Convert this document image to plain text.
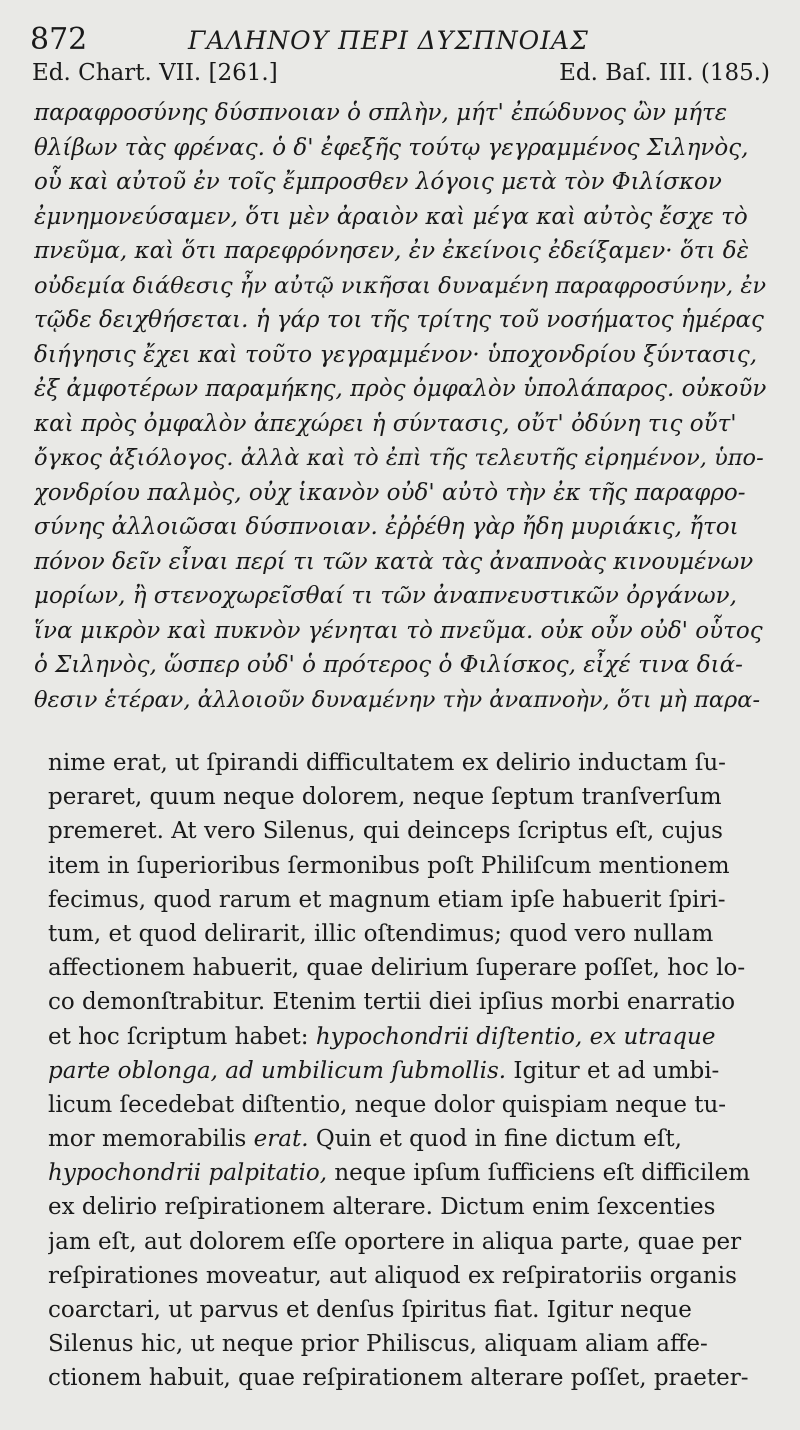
872	ΓΑΛΗΝΟΥ ΠΕΡΙ ΔΥΣΠΝΟΙΑΣ
Ed. Chart. VII. [261.]	Ed. Baſ. III. (185.)
παραφροσύνης δύσπνοιαν ὁ σπλὴν, μήτ' ἐπώδυνος ὢν μήτε
θλίβων τὰς φρένας. ὁ δ' ἐφεξῆς τούτῳ γεγραμμένος Σιληνὸς,
οὗ καὶ αὐτοῦ ἐν τοῖς ἔμπροσθεν λόγοις μετὰ τὸν Φιλίσκον
ἐμνημονεύσαμεν, ὅτι μὲν ἀραιὸν καὶ μέγα καὶ αὐτὸς ἔσχε τὸ
πνεῦμα, καὶ ὅτι παρεφρόνησεν, ἐν ἐκείνοις ἐδείξαμεν· ὅτι δὲ
οὐδεμία διάθεσις ἦν αὐτῷ νικῆσαι δυναμένη παραφροσύνην, ἐν
τῷδε δειχθήσεται. ἡ γάρ τοι τῆς τρίτης τοῦ νοσήματος ἡμέρας
διήγησις ἔχει καὶ τοῦτο γεγραμμένον· ὑποχονδρίου ξύντασις,
ἐξ ἀμφοτέρων παραμήκης, πρὸς ὀμφαλὸν ὑπολάπαρος. οὐκοῦν
καὶ πρὸς ὀμφαλὸν ἀπεχώρει ἡ σύντασις, οὔτ' ὀδύνη τις οὔτ'
ὄγκος ἀξιόλογος. ἀλλὰ καὶ τὸ ἐπὶ τῆς τελευτῆς εἰρημένον, ὑπο-
χονδρίου παλμὸς, οὐχ ἱκανὸν οὐδ' αὐτὸ τὴν ἐκ τῆς παραφρο-
σύνης ἀλλοιῶσαι δύσπνοιαν. ἐῤῥέθη γὰρ ἤδη μυριάκις, ἤτοι
πόνον δεῖν εἶναι περί τι τῶν κατὰ τὰς ἀναπνοὰς κινουμένων
μορίων, ἢ στενοχωρεῖσθαί τι τῶν ἀναπνευστικῶν ὀργάνων,
ἵνα μικρὸν καὶ πυκνὸν γένηται τὸ πνεῦμα. οὐκ οὖν οὐδ' οὗτος
ὁ Σιληνὸς, ὥσπερ οὐδ' ὁ πρότερος ὁ Φιλίσκος, εἶχέ τινα διά-
θεσιν ἑτέραν, ἀλλοιοῦν δυναμένην τὴν ἀναπνοὴν, ὅτι μὴ παρα-
nime erat, ut ſpirandi difficultatem ex delirio inductam ſu-
peraret, quum neque dolorem, neque ſeptum tranſverſum
premeret. At vero Silenus, qui deinceps ſcriptus eſt, cujus
item in ſuperioribus ſermonibus poſt Philiſcum mentionem
fecimus, quod rarum et magnum etiam ipſe habuerit ſpiri-
tum, et quod delirarit, illic oſtendimus; quod vero nullam
affectionem habuerit, quae delirium ſuperare poſſet, hoc lo-
co demonſtrabitur. Etenim tertii diei ipſius morbi enarratio
et hoc ſcriptum habet: hypochondrii diſtentio, ex utraque
parte oblonga, ad umbilicum ſubmollis. Igitur et ad umbi-
licum ſecedebat diſtentio, neque dolor quispiam neque tu-
mor memorabilis erat. Quin et quod in fine dictum eſt,
hypochondrii palpitatio, neque ipſum ſufficiens eſt difficilem
ex delirio reſpirationem alterare. Dictum enim ſexcenties
jam eſt, aut dolorem eſſe oportere in aliqua parte, quae per
reſpirationes moveatur, aut aliquod ex reſpiratoriis organis
coarctari, ut parvus et denſus ſpiritus fiat. Igitur neque
Silenus hic, ut neque prior Philiscus, aliquam aliam affe-
ctionem habuit, quae reſpirationem alterare poſſet, praeter-
